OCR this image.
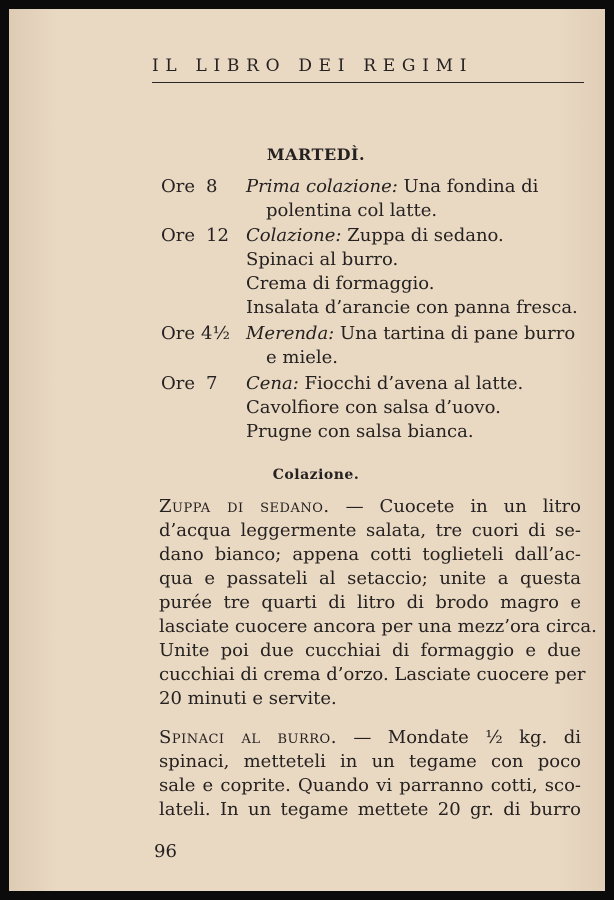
IL LIBRO DEI REGIMI
MARTEDÌ.
Ore 8 Prima colazione: Una fondina di
polentina col latte.
Ore 12 Colazione: Zuppa di sedano.
Spinaci al burro.
Crema di formaggio.
Insalata d’arancie con panna fresca.
Ore 4½ Merenda: Una tartina di pane burro
e miele.
Ore 7 Cena: Fiocchi d’avena al latte.
Cavolfiore con salsa d’uovo.
Prugne con salsa bianca.
Colazione.
Zuppa di sedano. — Cuocete in un litro
d’acqua leggermente salata, tre cuori di se-
dano bianco; appena cotti toglieteli dall’ac-
qua e passateli al setaccio; unite a questa
purée tre quarti di litro di brodo magro e
lasciate cuocere ancora per una mezz’ora circa.
Unite poi due cucchiai di formaggio e due
cucchiai di crema d’orzo. Lasciate cuocere per
20 minuti e servite.
Spinaci al burro. — Mondate ½ kg. di
spinaci, metteteli in un tegame con poco
sale e coprite. Quando vi parranno cotti, sco-
lateli. In un tegame mettete 20 gr. di burro
96
